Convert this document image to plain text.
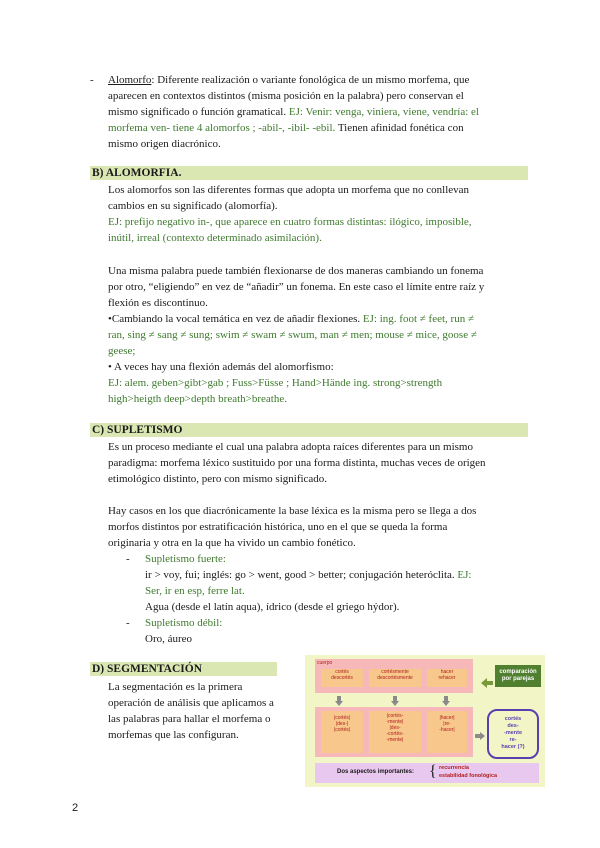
- Alomorfo: Diferente realización o variante fonológica de un mismo morfema, que
aparecen en contextos distintos (misma posición en la palabra) pero conservan el
mismo significado o función gramatical. EJ: Venir: venga, viniera, viene, vendría: el
morfema ven- tiene 4 alomorfos ; -abil-, -ibil- -ebil. Tienen afinidad fonética con
mismo origen diacrónico.

B) ALOMORFIA.

Los alomorfos son las diferentes formas que adopta un morfema que no conllevan
cambios en su significado (alomorfía).
EJ: prefijo negativo in-, que aparece en cuatro formas distintas: ilógico, imposible,
inútil, irreal (contexto determinado asimilación).

Una misma palabra puede también flexionarse de dos maneras cambiando un fonema
por otro, “eligiendo” en vez de “añadir” un fonema. En este caso el límite entre raíz y
flexión es discontinuo.
•Cambiando la vocal temática en vez de añadir flexiones. EJ: ing. foot ≠ feet, run ≠
ran, sing ≠ sang ≠ sung; swim ≠ swam ≠ swum, man ≠ men; mouse ≠ mice, goose ≠
geese;
• A veces hay una flexión además del alomorfismo:
EJ: alem. geben>gibt>gab ; Fuss>Füsse ; Hand>Hände ing. strong>strength
high>heigth deep>depth breath>breathe.

C) SUPLETISMO

Es un proceso mediante el cual una palabra adopta raíces diferentes para un mismo
paradigma: morfema léxico sustituido por una forma distinta, muchas veces de origen
etimológico distinto, pero con mismo significado.

Hay casos en los que diacrónicamente la base léxica es la misma pero se llega a dos
morfos distintos por estratificación histórica, uno en el que se queda la forma
originaria y otra en la que ha vivido un cambio fonético.

- Supletismo fuerte:

ir > voy, fui; inglés: go > went, good > better; conjugación heteróclita. EJ:
Ser, ir en esp, ferre lat.
Agua (desde el latín aqua), ídrico (desde el griego hýdor).

- Supletismo débil:
Oro, áureo
D) SEGMENTACIÓN

La segmentación es la primera
operación de análisis que aplicamos a
las palabras para hallar el morfema o
morfemas que las configuran.

cuerpo
cortés
descortés
cortésmente
descortésmente
hacer
rehacer
comparación
por parejas
|cortés|
|des-|
|cortés|
|cortés-
-mente|
|des-
-cortés-
-mente|
|hacer|
|re-
-hacer|
cortés
des-
-mente
re-
hacer (?)
Dos aspectos importantes: { recurrencia
estabilidad fonológica
2
